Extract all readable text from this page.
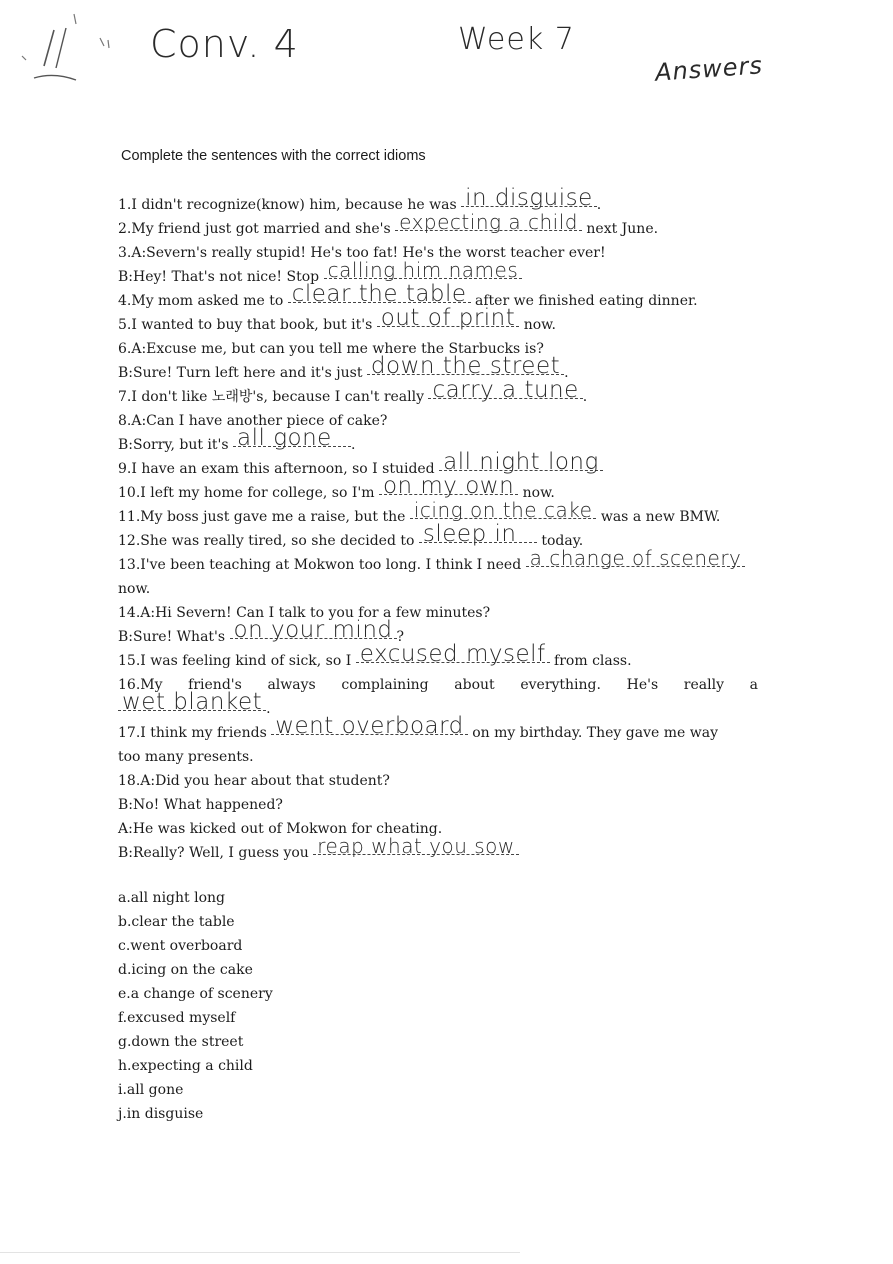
Conv. 4	Week 7
Answers
Complete the sentences with the correct idioms
1.I didn't recognize(know) him, because he was in disguise .
2.My friend just got married and she's expecting a child next June.
3.A:Severn's really stupid! He's too fat! He's the worst teacher ever!
B:Hey! That's not nice! Stop calling him names
4.My mom asked me to clear the table after we finished eating dinner.
5.I wanted to buy that book, but it's out of print now.
6.A:Excuse me, but can you tell me where the Starbucks is?
B:Sure! Turn left here and it's just down the street .
7.I don't like 노래방's, because I can't really carry a tune .
8.A:Can I have another piece of cake?
B:Sorry, but it's all gone .
9.I have an exam this afternoon, so I stuided all night long
10.I left my home for college, so I'm on my own now.
11.My boss just gave me a raise, but the icing on the cake was a new BMW.
12.She was really tired, so she decided to sleep in today.
13.I've been teaching at Mokwon too long. I think I need a change of scenery
now.
14.A:Hi Severn! Can I talk to you for a few minutes?
B:Sure! What's on your mind ?
15.I was feeling kind of sick, so I excused myself from class.
16.My friend's always complaining about everything. He's really a
wet blanket .
17.I think my friends went overboard on my birthday. They gave me way
too many presents.
18.A:Did you hear about that student?
B:No! What happened?
A:He was kicked out of Mokwon for cheating.
B:Really? Well, I guess you reap what you sow
a.all night long
b.clear the table
c.went overboard
d.icing on the cake
e.a change of scenery
f.excused myself
g.down the street
h.expecting a child
i.all gone
j.in disguise
